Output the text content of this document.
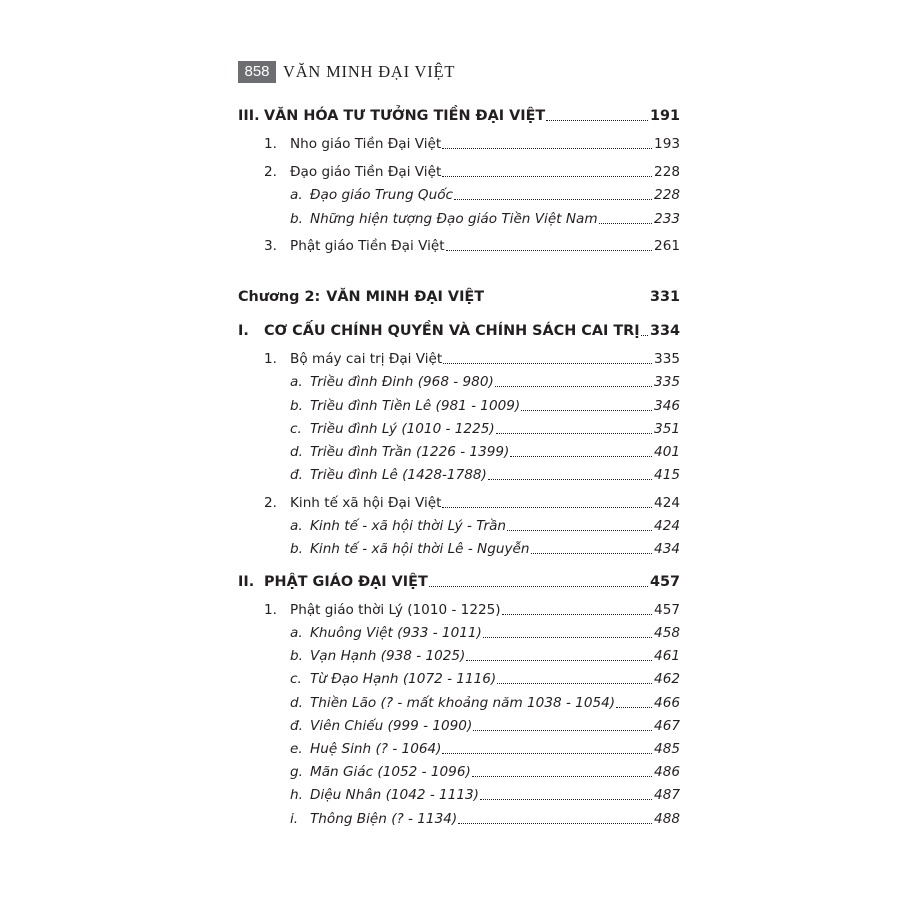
858 VĂN MINH ĐẠI VIỆT
III. VĂN HÓA TƯ TƯỞNG TIỀN ĐẠI VIỆT	191
1. Nho giáo Tiền Đại Việt	193
2. Đạo giáo Tiền Đại Việt	228
a. Đạo giáo Trung Quốc	228
b. Những hiện tượng Đạo giáo Tiền Việt Nam	233
3. Phật giáo Tiền Đại Việt	261
Chương 2: VĂN MINH ĐẠI VIỆT	331
I.	CƠ CẤU CHÍNH QUYỀN VÀ CHÍNH SÁCH CAI TRỊ 334
1. Bộ máy cai trị Đại Việt	335
a. Triều đình Đinh (968 - 980)	335
b. Triều đình Tiền Lê (981 - 1009)	346
c. Triều đình Lý (1010 - 1225)	351
d. Triều đình Trần (1226 - 1399)	401
đ. Triều đình Lê (1428-1788)	415
2. Kinh tế xã hội Đại Việt	424
a. Kinh tế - xã hội thời Lý - Trần	424
b. Kinh tế - xã hội thời Lê - Nguyễn	434
II. PHẬT GIÁO ĐẠI VIỆT	457
1. Phật giáo thời Lý (1010 - 1225)	457
a. Khuông Việt (933 - 1011)	458
b. Vạn Hạnh (938 - 1025)	461
c. Từ Đạo Hạnh (1072 - 1116)	462
d. Thiền Lão (? - mất khoảng năm 1038 - 1054)	466
đ. Viên Chiếu (999 - 1090)	467
e. Huệ Sinh (? - 1064)	485
g. Mãn Giác (1052 - 1096)	486
h. Diệu Nhân (1042 - 1113)	487
i. Thông Biện (? - 1134)	488
